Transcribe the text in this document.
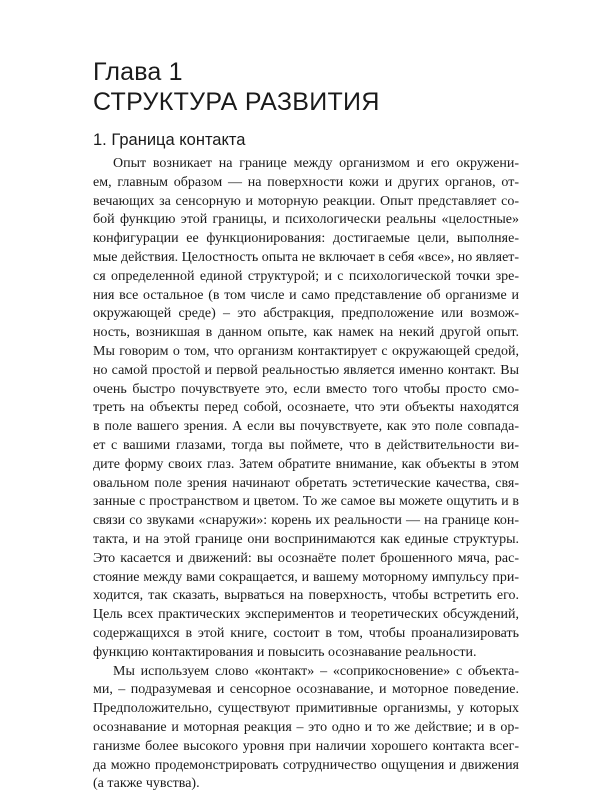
Глава 1
СТРУКТУРА РАЗВИТИЯ
1. Граница контакта
Опыт возникает на границе между организмом и его окружени-
ем, главным образом — на поверхности кожи и других органов, от-
вечающих за сенсорную и моторную реакции. Опыт представляет со-
бой функцию этой границы, и психологически реальны «целостные»
конфигурации ее функционирования: достигаемые цели, выполняе-
мые действия. Целостность опыта не включает в себя «все», но являет-
ся определенной единой структурой; и с психологической точки зре-
ния все остальное (в том числе и само представление об организме и
окружающей среде) – это абстракция, предположение или возмож-
ность, возникшая в данном опыте, как намек на некий другой опыт.
Мы говорим о том, что организм контактирует с окружающей средой,
но самой простой и первой реальностью является именно контакт. Вы
очень быстро почувствуете это, если вместо того чтобы просто смо-
треть на объекты перед собой, осознаете, что эти объекты находятся
в поле вашего зрения. А если вы почувствуете, как это поле совпада-
ет с вашими глазами, тогда вы поймете, что в действительности ви-
дите форму своих глаз. Затем обратите внимание, как объекты в этом
овальном поле зрения начинают обретать эстетические качества, свя-
занные с пространством и цветом. То же самое вы можете ощутить и в
связи со звуками «снаружи»: корень их реальности — на границе кон-
такта, и на этой границе они воспринимаются как единые структуры.
Это касается и движений: вы осознаёте полет брошенного мяча, рас-
стояние между вами сокращается, и вашему моторному импульсу при-
ходится, так сказать, вырваться на поверхность, чтобы встретить его.
Цель всех практических экспериментов и теоретических обсуждений,
содержащихся в этой книге, состоит в том, чтобы проанализировать
функцию контактирования и повысить осознавание реальности.
Мы используем слово «контакт» – «соприкосновение» с объекта-
ми, – подразумевая и сенсорное осознавание, и моторное поведение.
Предположительно, существуют примитивные организмы, у которых
осознавание и моторная реакция – это одно и то же действие; и в ор-
ганизме более высокого уровня при наличии хорошего контакта всег-
да можно продемонстрировать сотрудничество ощущения и движения
(а также чувства).
